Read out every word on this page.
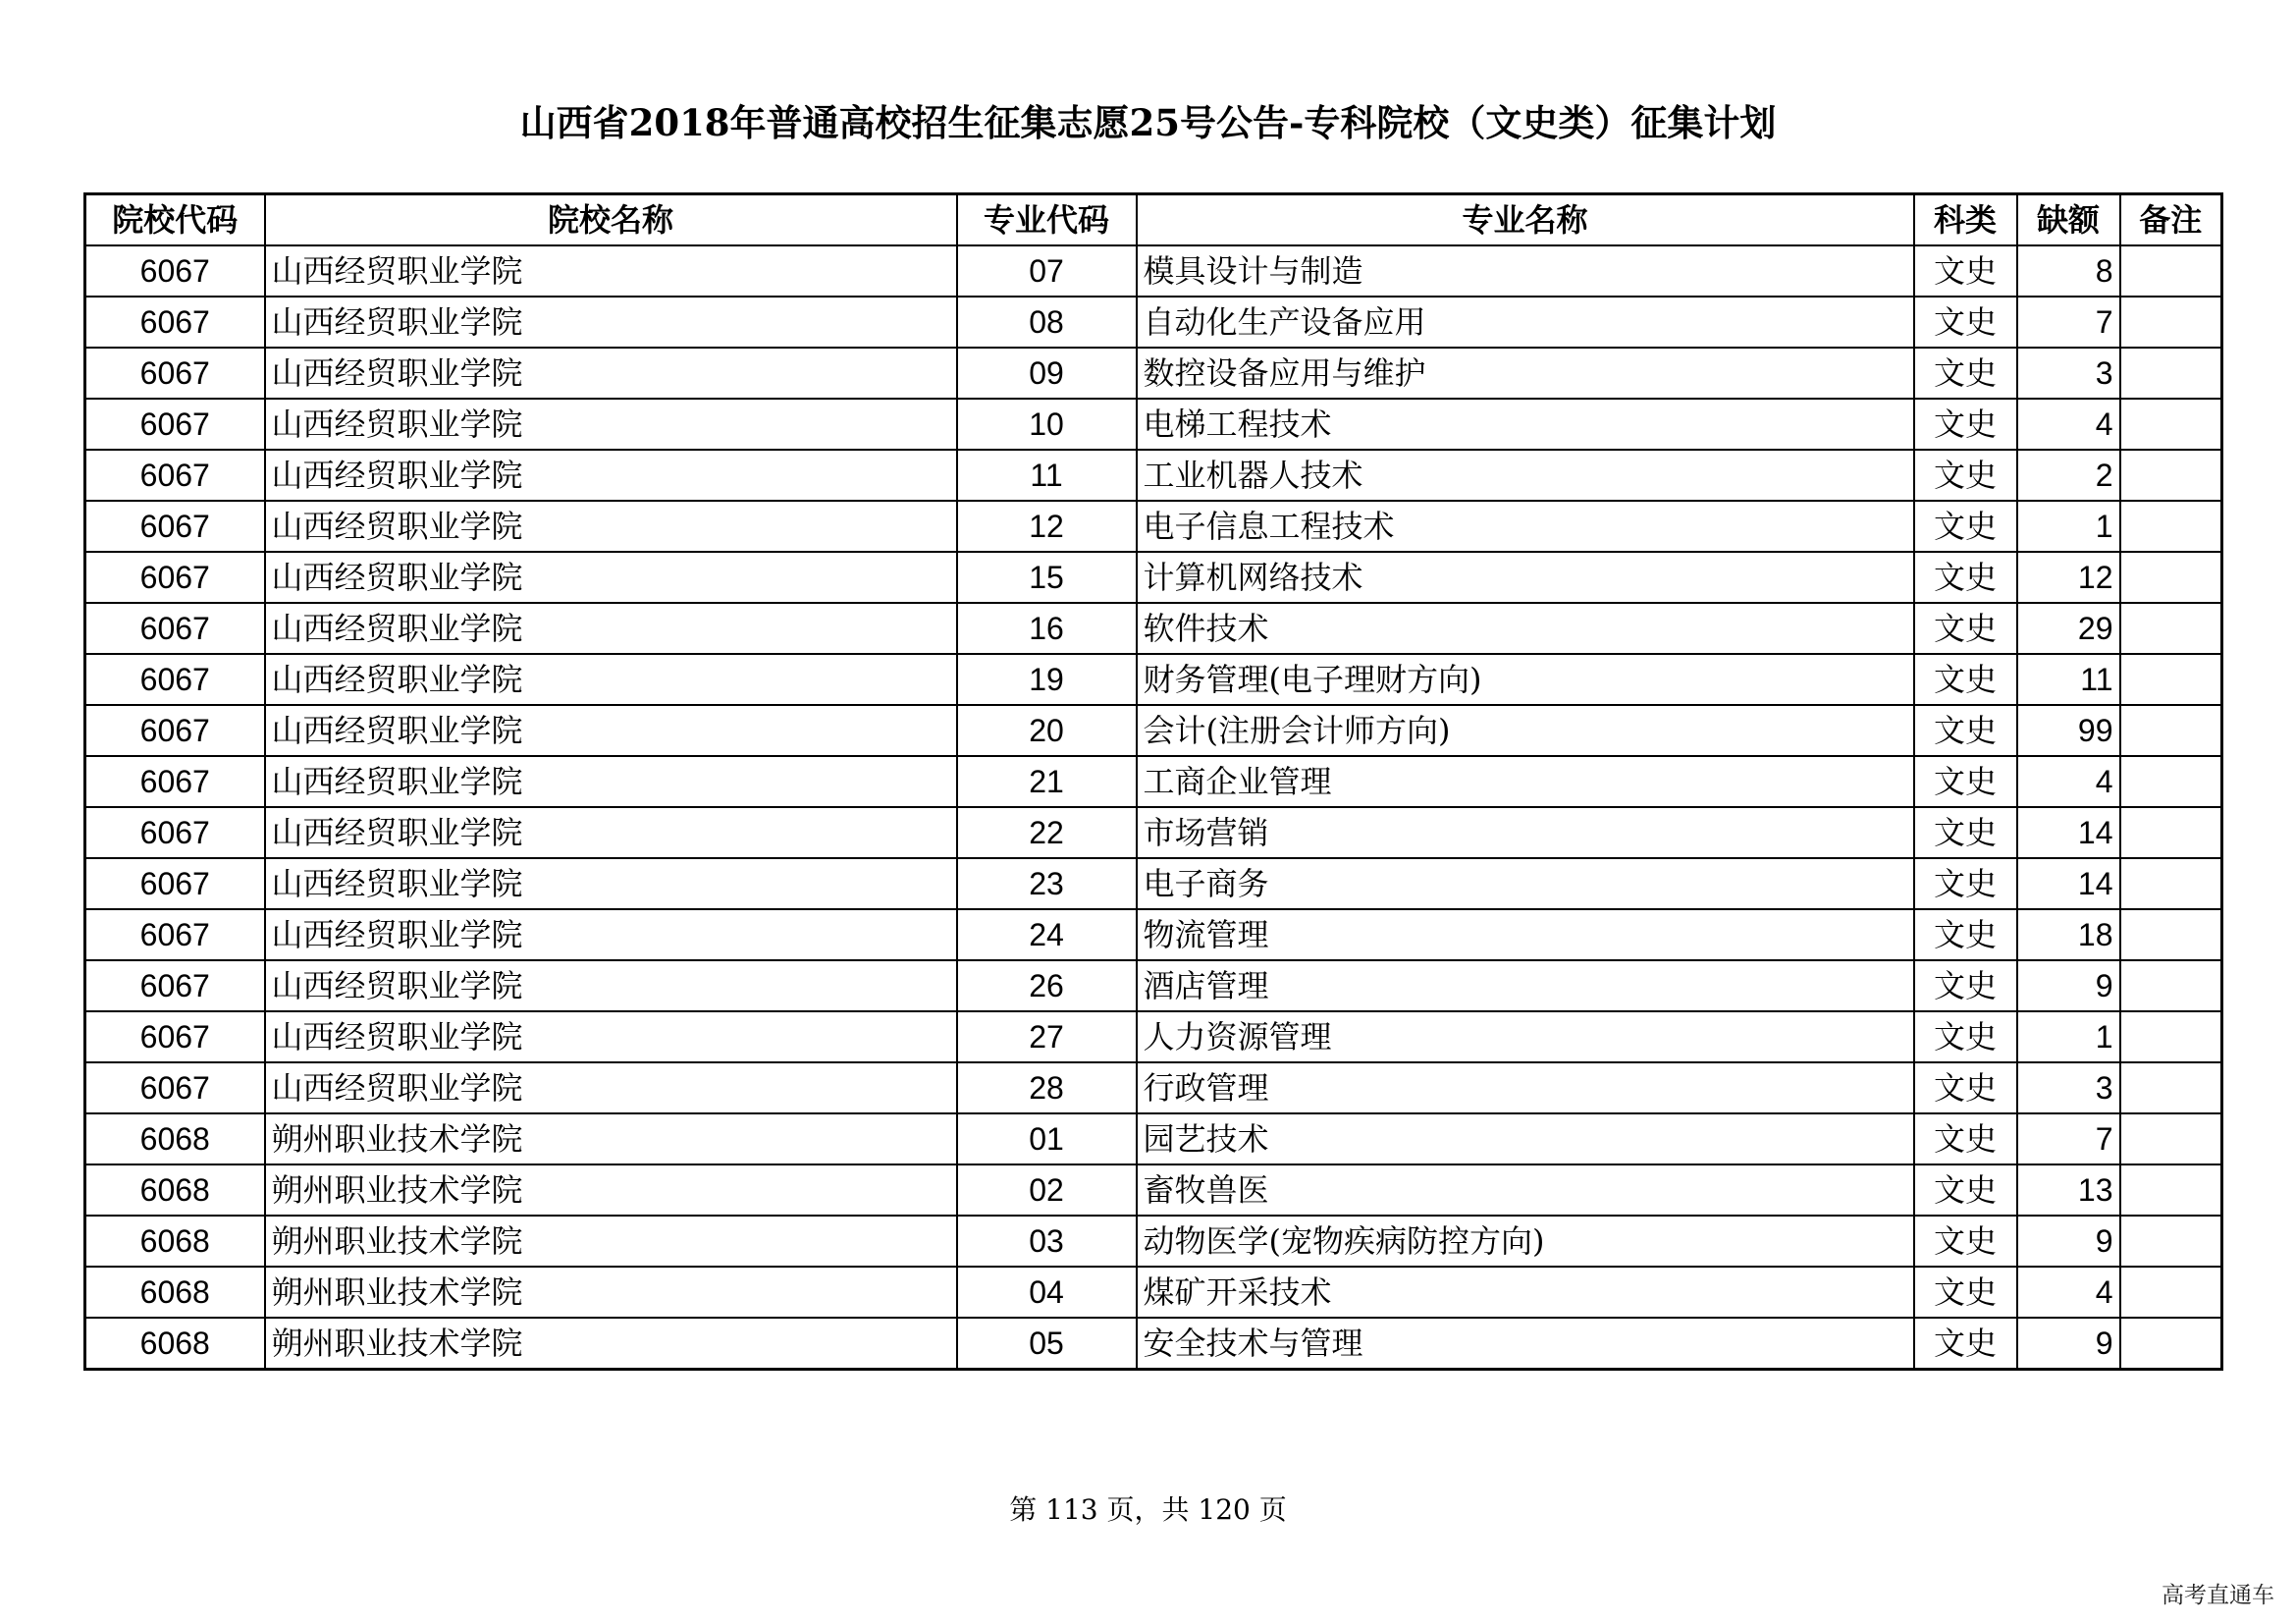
山西省2018年普通高校招生征集志愿25号公告-专科院校（文史类）征集计划
院校代码	院校名称	专业代码	专业名称	科类	缺额	备注
6067	山西经贸职业学院	07	模具设计与制造	文史	8	
6067	山西经贸职业学院	08	自动化生产设备应用	文史	7	
6067	山西经贸职业学院	09	数控设备应用与维护	文史	3	
6067	山西经贸职业学院	10	电梯工程技术	文史	4	
6067	山西经贸职业学院	11	工业机器人技术	文史	2	
6067	山西经贸职业学院	12	电子信息工程技术	文史	1	
6067	山西经贸职业学院	15	计算机网络技术	文史	12	
6067	山西经贸职业学院	16	软件技术	文史	29	
6067	山西经贸职业学院	19	财务管理(电子理财方向)	文史	11	
6067	山西经贸职业学院	20	会计(注册会计师方向)	文史	99	
6067	山西经贸职业学院	21	工商企业管理	文史	4	
6067	山西经贸职业学院	22	市场营销	文史	14	
6067	山西经贸职业学院	23	电子商务	文史	14	
6067	山西经贸职业学院	24	物流管理	文史	18	
6067	山西经贸职业学院	26	酒店管理	文史	9	
6067	山西经贸职业学院	27	人力资源管理	文史	1	
6067	山西经贸职业学院	28	行政管理	文史	3	
6068	朔州职业技术学院	01	园艺技术	文史	7	
6068	朔州职业技术学院	02	畜牧兽医	文史	13	
6068	朔州职业技术学院	03	动物医学(宠物疾病防控方向)	文史	9	
6068	朔州职业技术学院	04	煤矿开采技术	文史	4	
6068	朔州职业技术学院	05	安全技术与管理	文史	9	
第 113 页，共 120 页
高考直通车
